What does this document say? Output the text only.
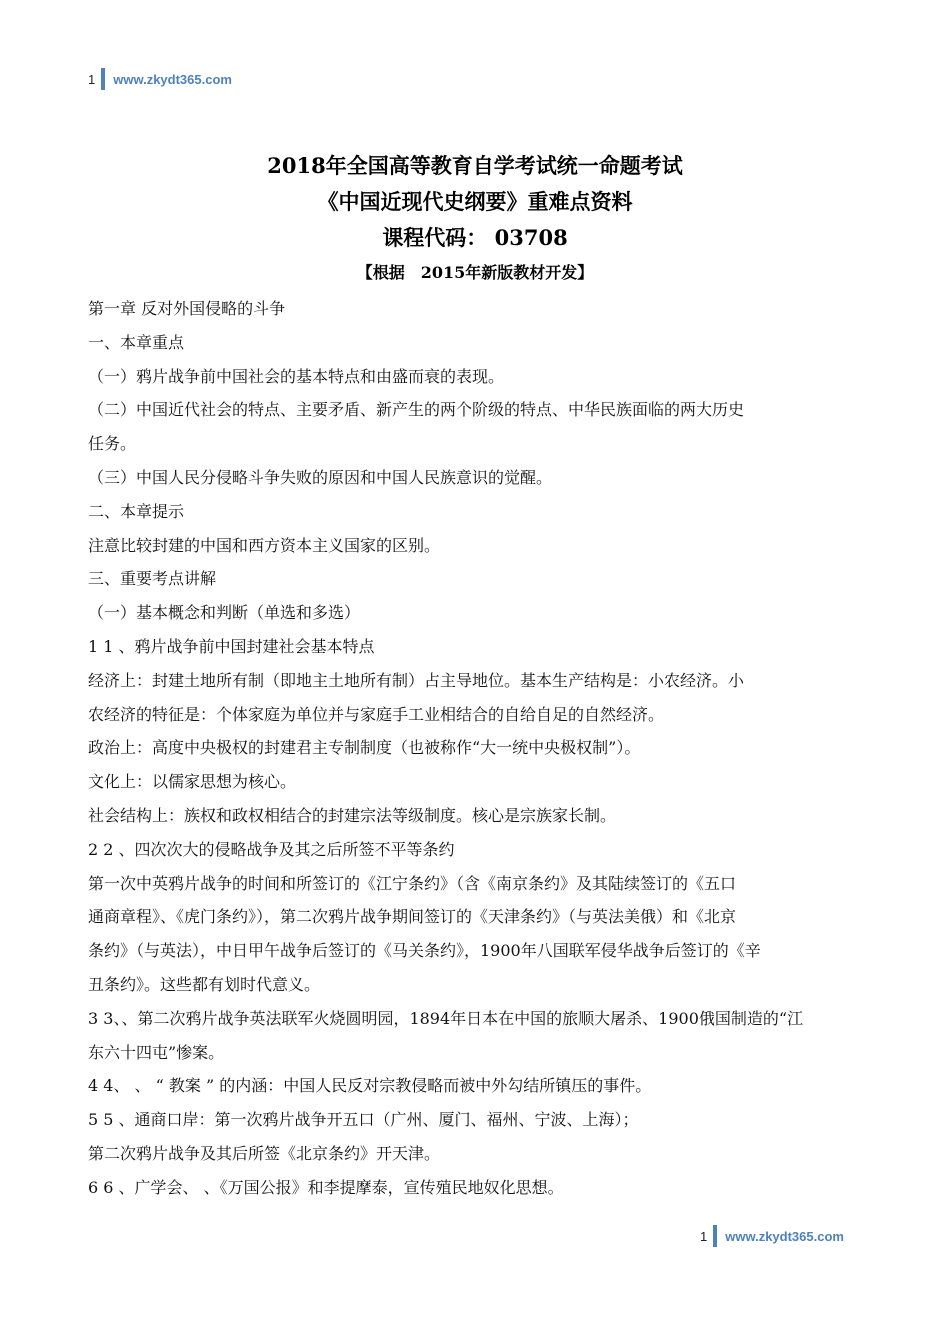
1 www.zkydt365.com
2018年全国高等教育自学考试统一命题考试
《中国近现代史纲要》重难点资料
课程代码： 03708
【根据　2015年新版教材开发】
第一章 反对外国侵略的斗争
一、本章重点
（一）鸦片战争前中国社会的基本特点和由盛而衰的表现。
（二）中国近代社会的特点、主要矛盾、新产生的两个阶级的特点、中华民族面临的两大历史
任务。
（三）中国人民分侵略斗争失败的原因和中国人民族意识的觉醒。
二、本章提示
注意比较封建的中国和西方资本主义国家的区别。
三、重要考点讲解
（一）基本概念和判断（单选和多选）
1 1 、鸦片战争前中国封建社会基本特点
经济上：封建土地所有制（即地主土地所有制）占主导地位。基本生产结构是：小农经济。小
农经济的特征是：个体家庭为单位并与家庭手工业相结合的自给自足的自然经济。
政治上：高度中央极权的封建君主专制制度（也被称作“大一统中央极权制”）。
文化上：以儒家思想为核心。
社会结构上：族权和政权相结合的封建宗法等级制度。核心是宗族家长制。
2 2 、四次次大的侵略战争及其之后所签不平等条约
第一次中英鸦片战争的时间和所签订的《江宁条约》（含《南京条约》及其陆续签订的《五口
通商章程》、《虎门条约》），第二次鸦片战争期间签订的《天津条约》（与英法美俄）和《北京
条约》（与英法），中日甲午战争后签订的《马关条约》，1900年八国联军侵华战争后签订的《辛
丑条约》。这些都有划时代意义。
3 3、、第二次鸦片战争英法联军火烧圆明园，1894年日本在中国的旅顺大屠杀、1900俄国制造的“江
东六十四屯”惨案。
4 4、 、 “ 教案 ” 的内涵：中国人民反对宗教侵略而被中外勾结所镇压的事件。
5 5 、通商口岸：第一次鸦片战争开五口（广州、厦门、福州、宁波、上海）；
第二次鸦片战争及其后所签《北京条约》开天津。
6 6 、广学会、 、《万国公报》和李提摩泰，宣传殖民地奴化思想。
1 www.zkydt365.com
